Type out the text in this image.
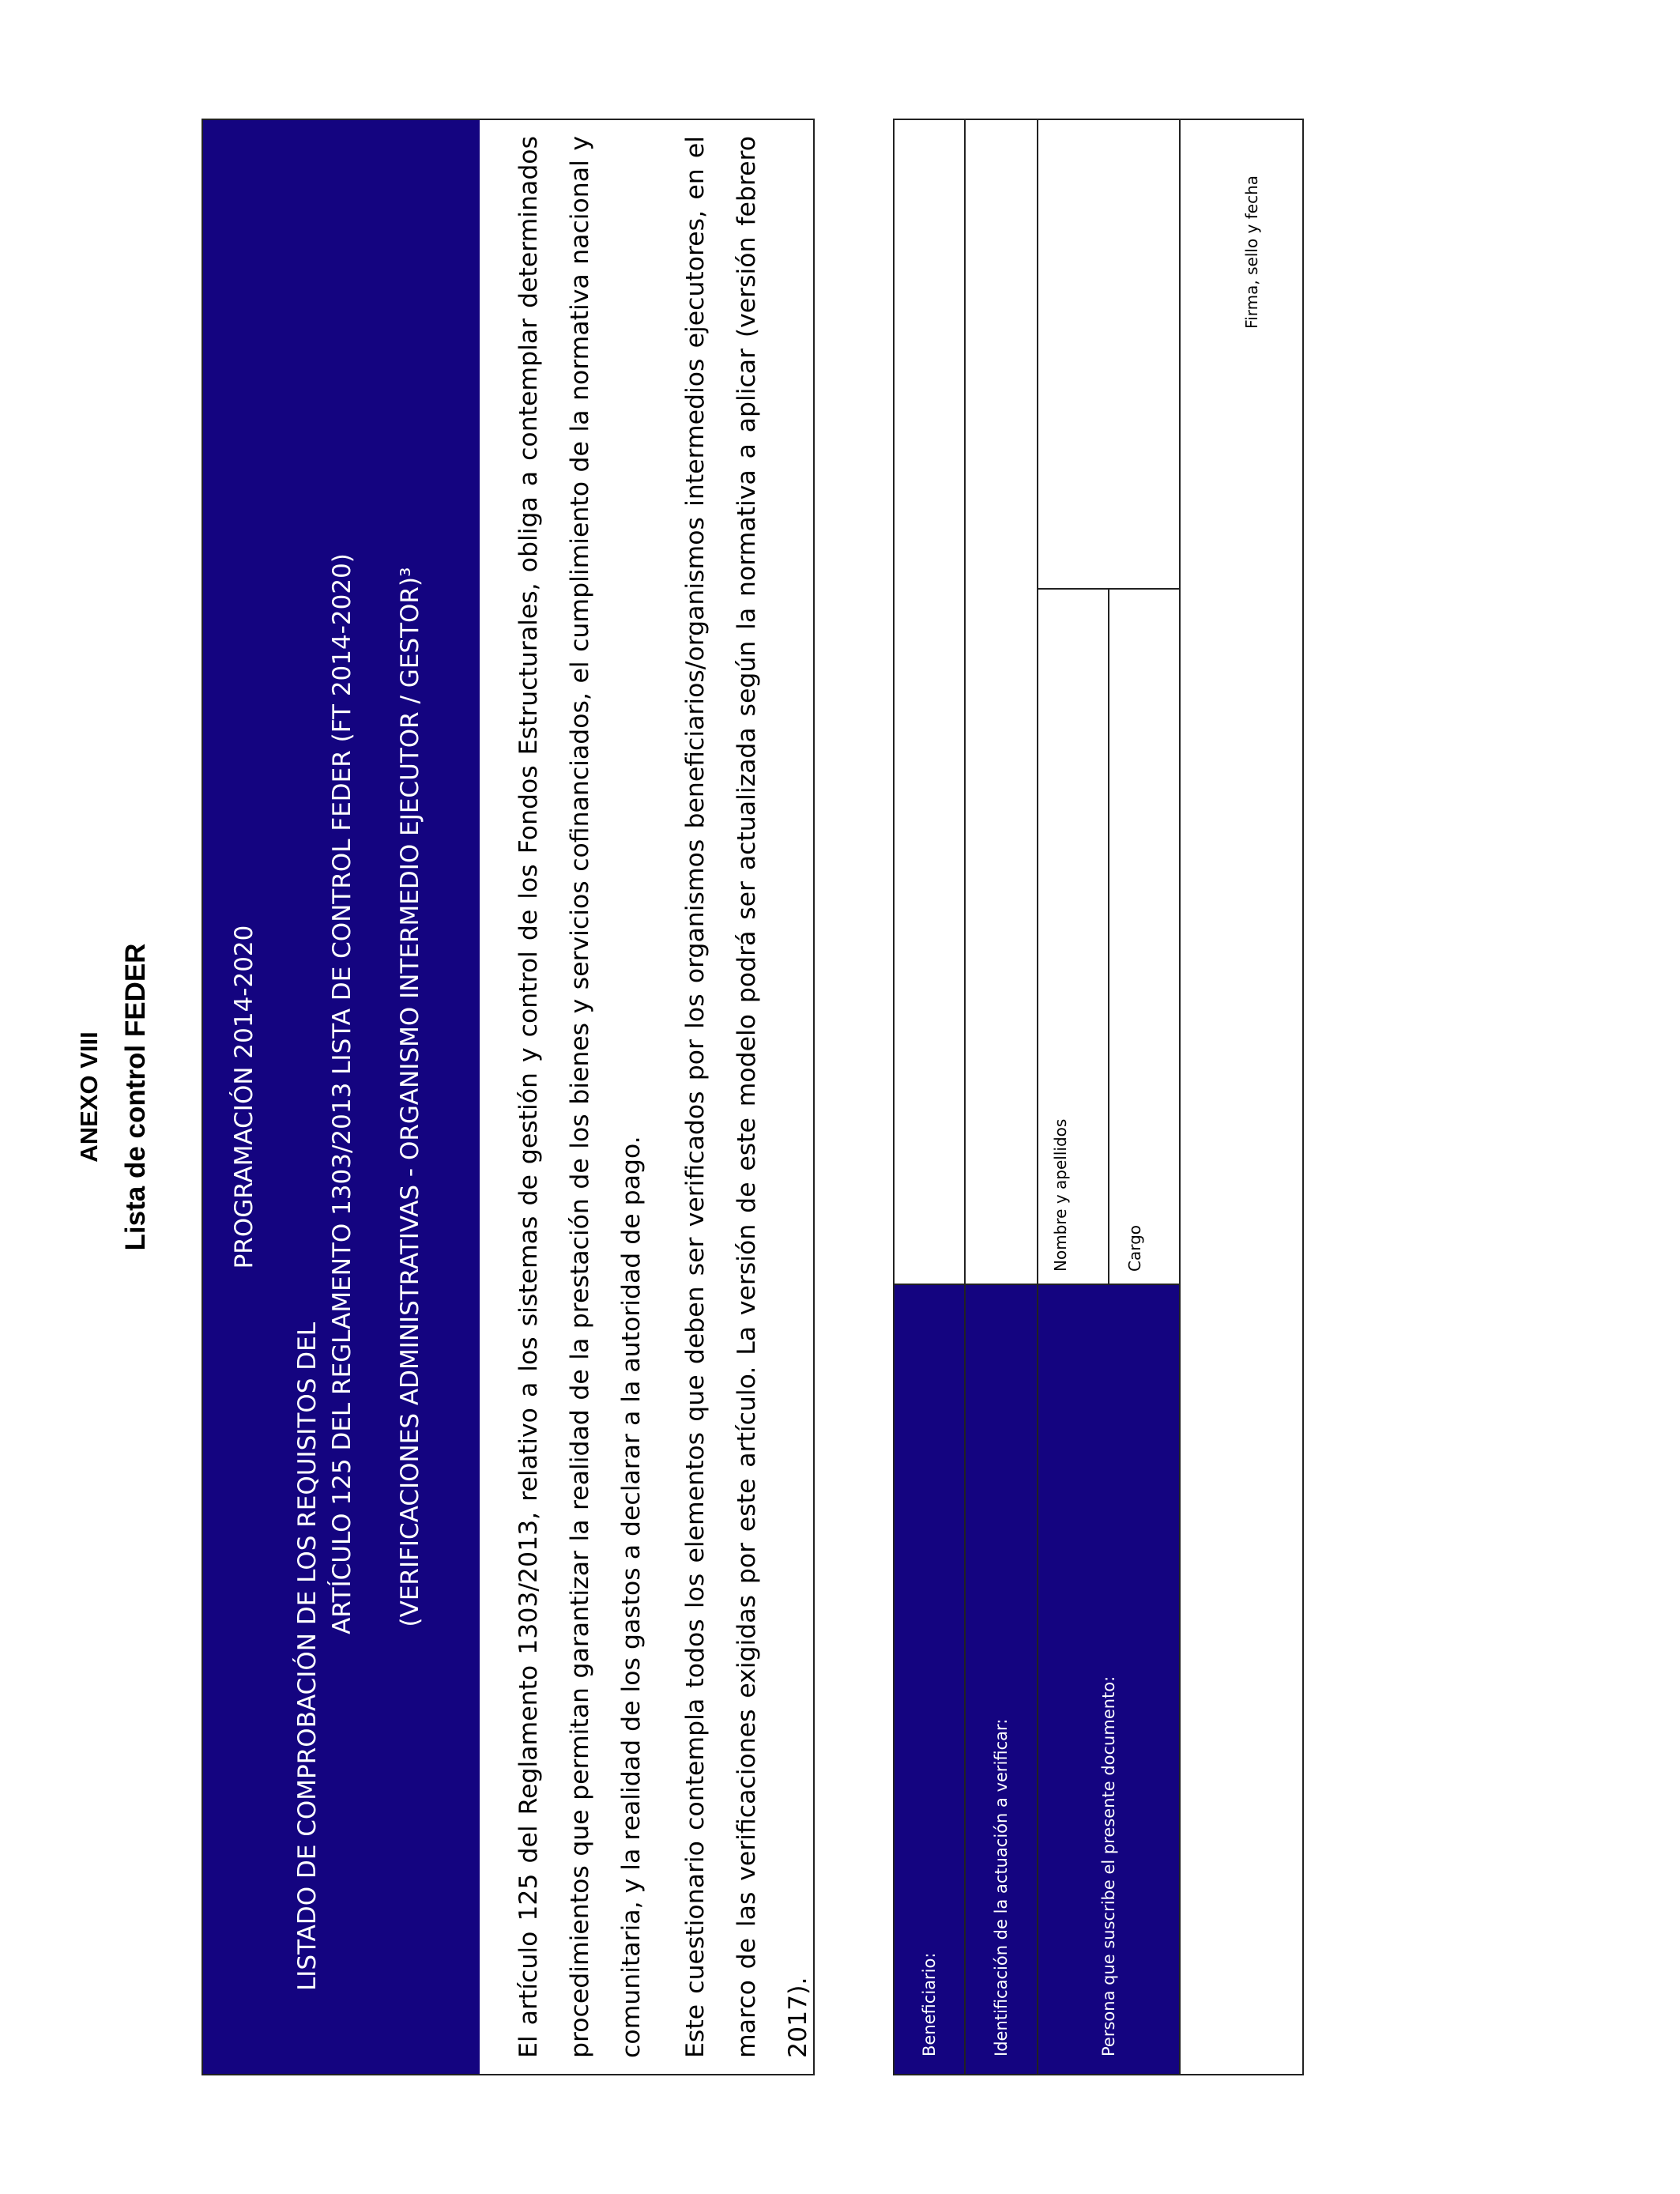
ANEXO VIII Lista de control FEDER	PROGRAMACIÓN 2014-2020
LISTADO DE COMPROBACIÓN DE LOS REQUISITOS DEL
ARTÍCULO 125 DEL REGLAMENTO 1303/2013 LISTA DE CONTROL FEDER (FT 2014-2020) (VERIFICACIONES ADMINISTRATIVAS - ORGANISMO INTERMEDIO EJECUTOR / GESTOR)³	El artículo 125 del Reglamento 1303/2013, relativo a los sistemas de gestión y control de los Fondos Estructurales, obliga a contemplar determinados procedimientos que permitan garantizar la realidad de la prestación de los bienes y servicios cofinanciados, el cumplimiento de la normativa nacional y comunitaria, y la realidad de los gastos a declarar a la autoridad de pago.	Este cuestionario contempla todos los elementos que deben ser verificados por los organismos beneficiarios/organismos intermedios ejecutores, en el marco de las verificaciones exigidas por este artículo. La versión de este modelo podrá ser actualizada según la normativa a aplicar (versión febrero 2017).	Beneficiario:	Identificación de la actuación a verificar:	Persona que suscribe el presente documento:
Nombre y apellidos	Cargo
Firma, sello y fecha
